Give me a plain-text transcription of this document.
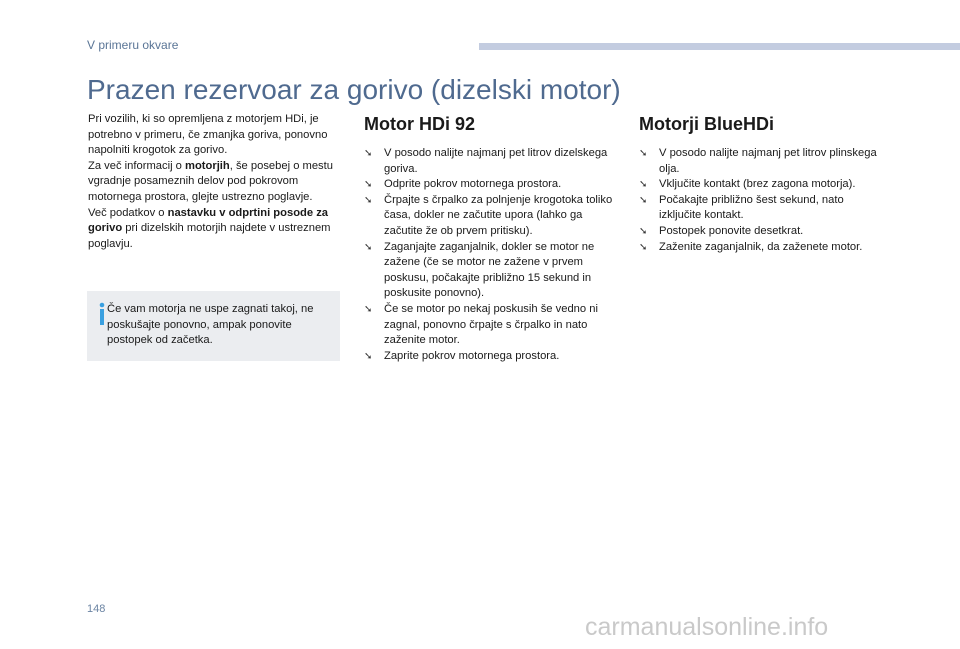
V primeru okvare
Prazen rezervoar za gorivo (dizelski motor)

Pri vozilih, ki so opremljena z motorjem HDi, je potrebno v primeru, če zmanjka goriva, ponovno napolniti krogotok za gorivo.

Za več informacij o motorjih, še posebej o mestu vgradnje posameznih delov pod pokrovom motornega prostora, glejte ustrezno poglavje.

Več podatkov o nastavku v odprtini posode za gorivo pri dizelskih motorjih najdete v ustreznem poglavju.

Če vam motorja ne uspe zagnati takoj, ne poskušajte ponovno, ampak ponovite postopek od začetka.
Motor HDi 92
➘ V posodo nalijte najmanj pet litrov dizelskega goriva.
➘ Odprite pokrov motornega prostora.
➘ Črpajte s črpalko za polnjenje krogotoka toliko časa, dokler ne začutite upora (lahko ga začutite že ob prvem pritisku).
➘ Zaganjajte zaganjalnik, dokler se motor ne zažene (če se motor ne zažene v prvem poskusu, počakajte približno 15 sekund in poskusite ponovno).
➘ Če se motor po nekaj poskusih še vedno ni zagnal, ponovno črpajte s črpalko in nato zaženite motor.
➘ Zaprite pokrov motornega prostora.
Motorji BlueHDi
➘ V posodo nalijte najmanj pet litrov plinskega olja.
➘ Vključite kontakt (brez zagona motorja).
➘ Počakajte približno šest sekund, nato izključite kontakt.
➘ Postopek ponovite desetkrat.
➘ Zaženite zaganjalnik, da zaženete motor.
148
carmanualsonline.info
